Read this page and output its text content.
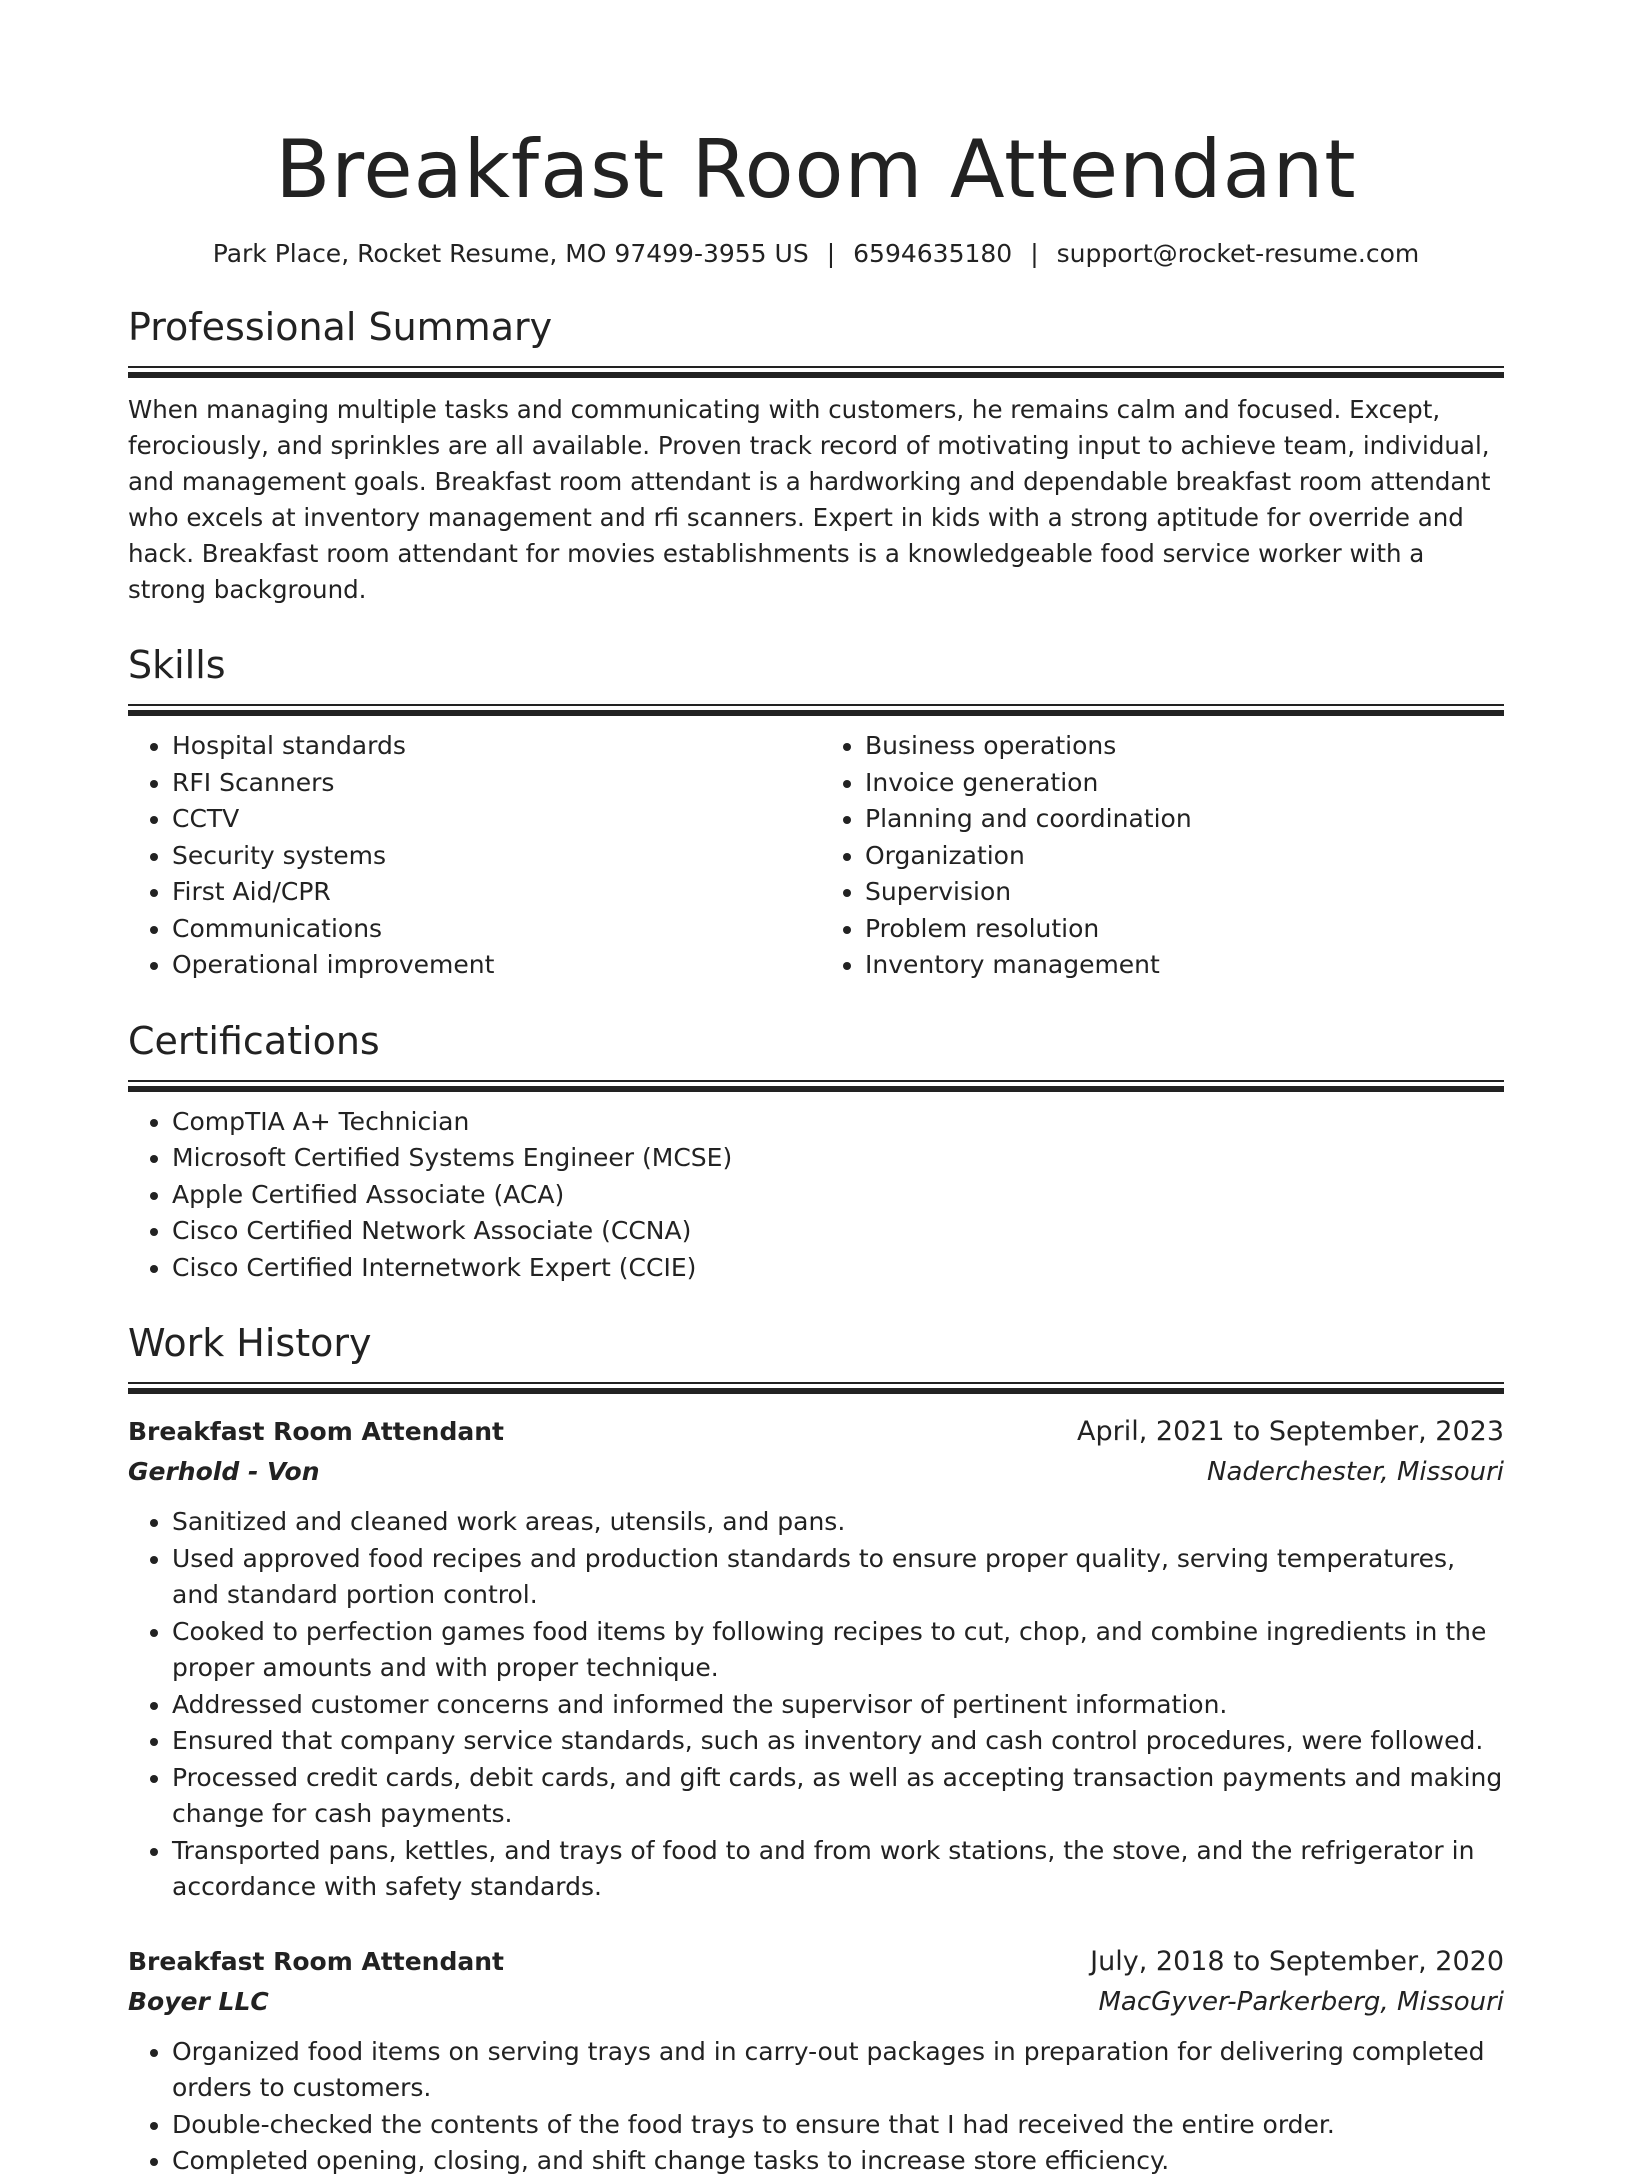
Breakfast Room Attendant
Park Place, Rocket Resume, MO 97499-3955 US | 6594635180 | support@rocket-resume.com
Professional Summary
When managing multiple tasks and communicating with customers, he remains calm and focused. Except, ferociously, and sprinkles are all available. Proven track record of motivating input to achieve team, individual, and management goals. Breakfast room attendant is a hardworking and dependable breakfast room attendant who excels at inventory management and rfi scanners. Expert in kids with a strong aptitude for override and hack. Breakfast room attendant for movies establishments is a knowledgeable food service worker with a strong background.
Skills
• Hospital standards
• RFI Scanners
• CCTV
• Security systems
• First Aid/CPR
• Communications
• Operational improvement
• Business operations
• Invoice generation
• Planning and coordination
• Organization
• Supervision
• Problem resolution
• Inventory management
Certifications
• CompTIA A+ Technician
• Microsoft Certified Systems Engineer (MCSE)
• Apple Certified Associate (ACA)
• Cisco Certified Network Associate (CCNA)
• Cisco Certified Internetwork Expert (CCIE)
Work History
Breakfast Room Attendant	April, 2021 to September, 2023
Gerhold - Von	Naderchester, Missouri
• Sanitized and cleaned work areas, utensils, and pans.
• Used approved food recipes and production standards to ensure proper quality, serving temperatures, and standard portion control.
• Cooked to perfection games food items by following recipes to cut, chop, and combine ingredients in the proper amounts and with proper technique.
• Addressed customer concerns and informed the supervisor of pertinent information.
• Ensured that company service standards, such as inventory and cash control procedures, were followed.
• Processed credit cards, debit cards, and gift cards, as well as accepting transaction payments and making change for cash payments.
• Transported pans, kettles, and trays of food to and from work stations, the stove, and the refrigerator in accordance with safety standards.
Breakfast Room Attendant	July, 2018 to September, 2020
Boyer LLC	MacGyver-Parkerberg, Missouri
• Organized food items on serving trays and in carry-out packages in preparation for delivering completed orders to customers.
• Double-checked the contents of the food trays to ensure that I had received the entire order.
• Completed opening, closing, and shift change tasks to increase store efficiency.
